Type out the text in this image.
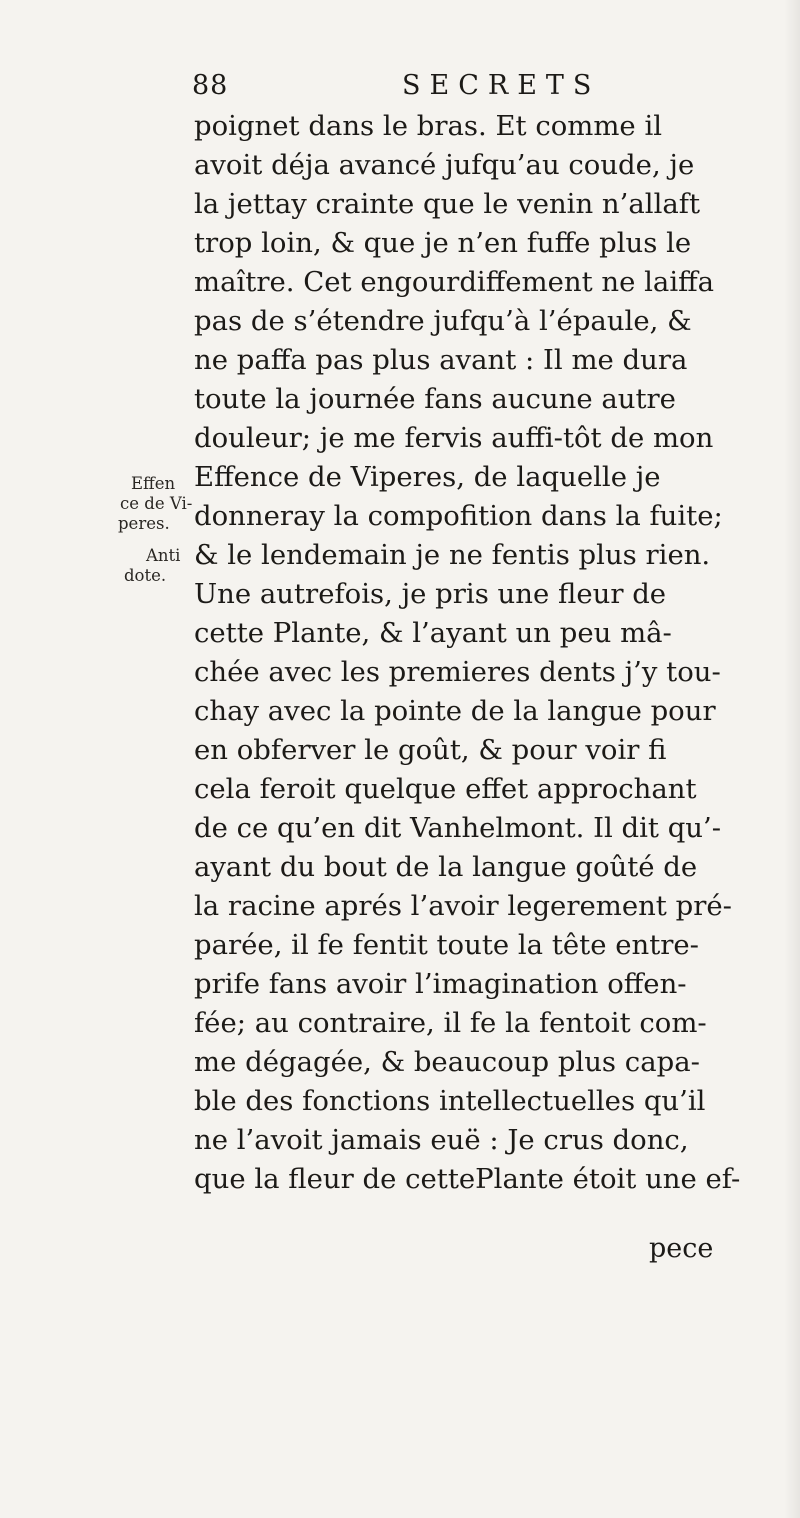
88	SECRETS
poignet dans le bras. Et comme il
avoit déja avancé jufqu’au coude, je
la jettay crainte que le venin n’allaft
trop loin, & que je n’en fuffe plus le
maître. Cet engourdiffement ne laiffa
pas de s’étendre jufqu’à l’épaule, &
ne paffa pas plus avant : Il me dura
toute la journée fans aucune autre
douleur; je me fervis auffi-tôt de mon
Effence de Viperes, de laquelle je
donneray la compofition dans la fuite;
& le lendemain je ne fentis plus rien.
Une autrefois, je pris une fleur de
cette Plante, & l’ayant un peu mâ-
chée avec les premieres dents j’y tou-
chay avec la pointe de la langue pour
en obferver le goût, & pour voir fi
cela feroit quelque effet approchant
de ce qu’en dit Vanhelmont. Il dit qu’-
ayant du bout de la langue goûté de
la racine aprés l’avoir legerement pré-
parée, il fe fentit toute la tête entre-
prife fans avoir l’imagination offen-
fée; au contraire, il fe la fentoit com-
me dégagée, & beaucoup plus capa-
ble des fonctions intellectuelles qu’il
ne l’avoit jamais euë : Je crus donc,
que la fleur de cettePlante étoit une ef-
Effen
ce de Vi-
peres.
Anti
dote.
pece
